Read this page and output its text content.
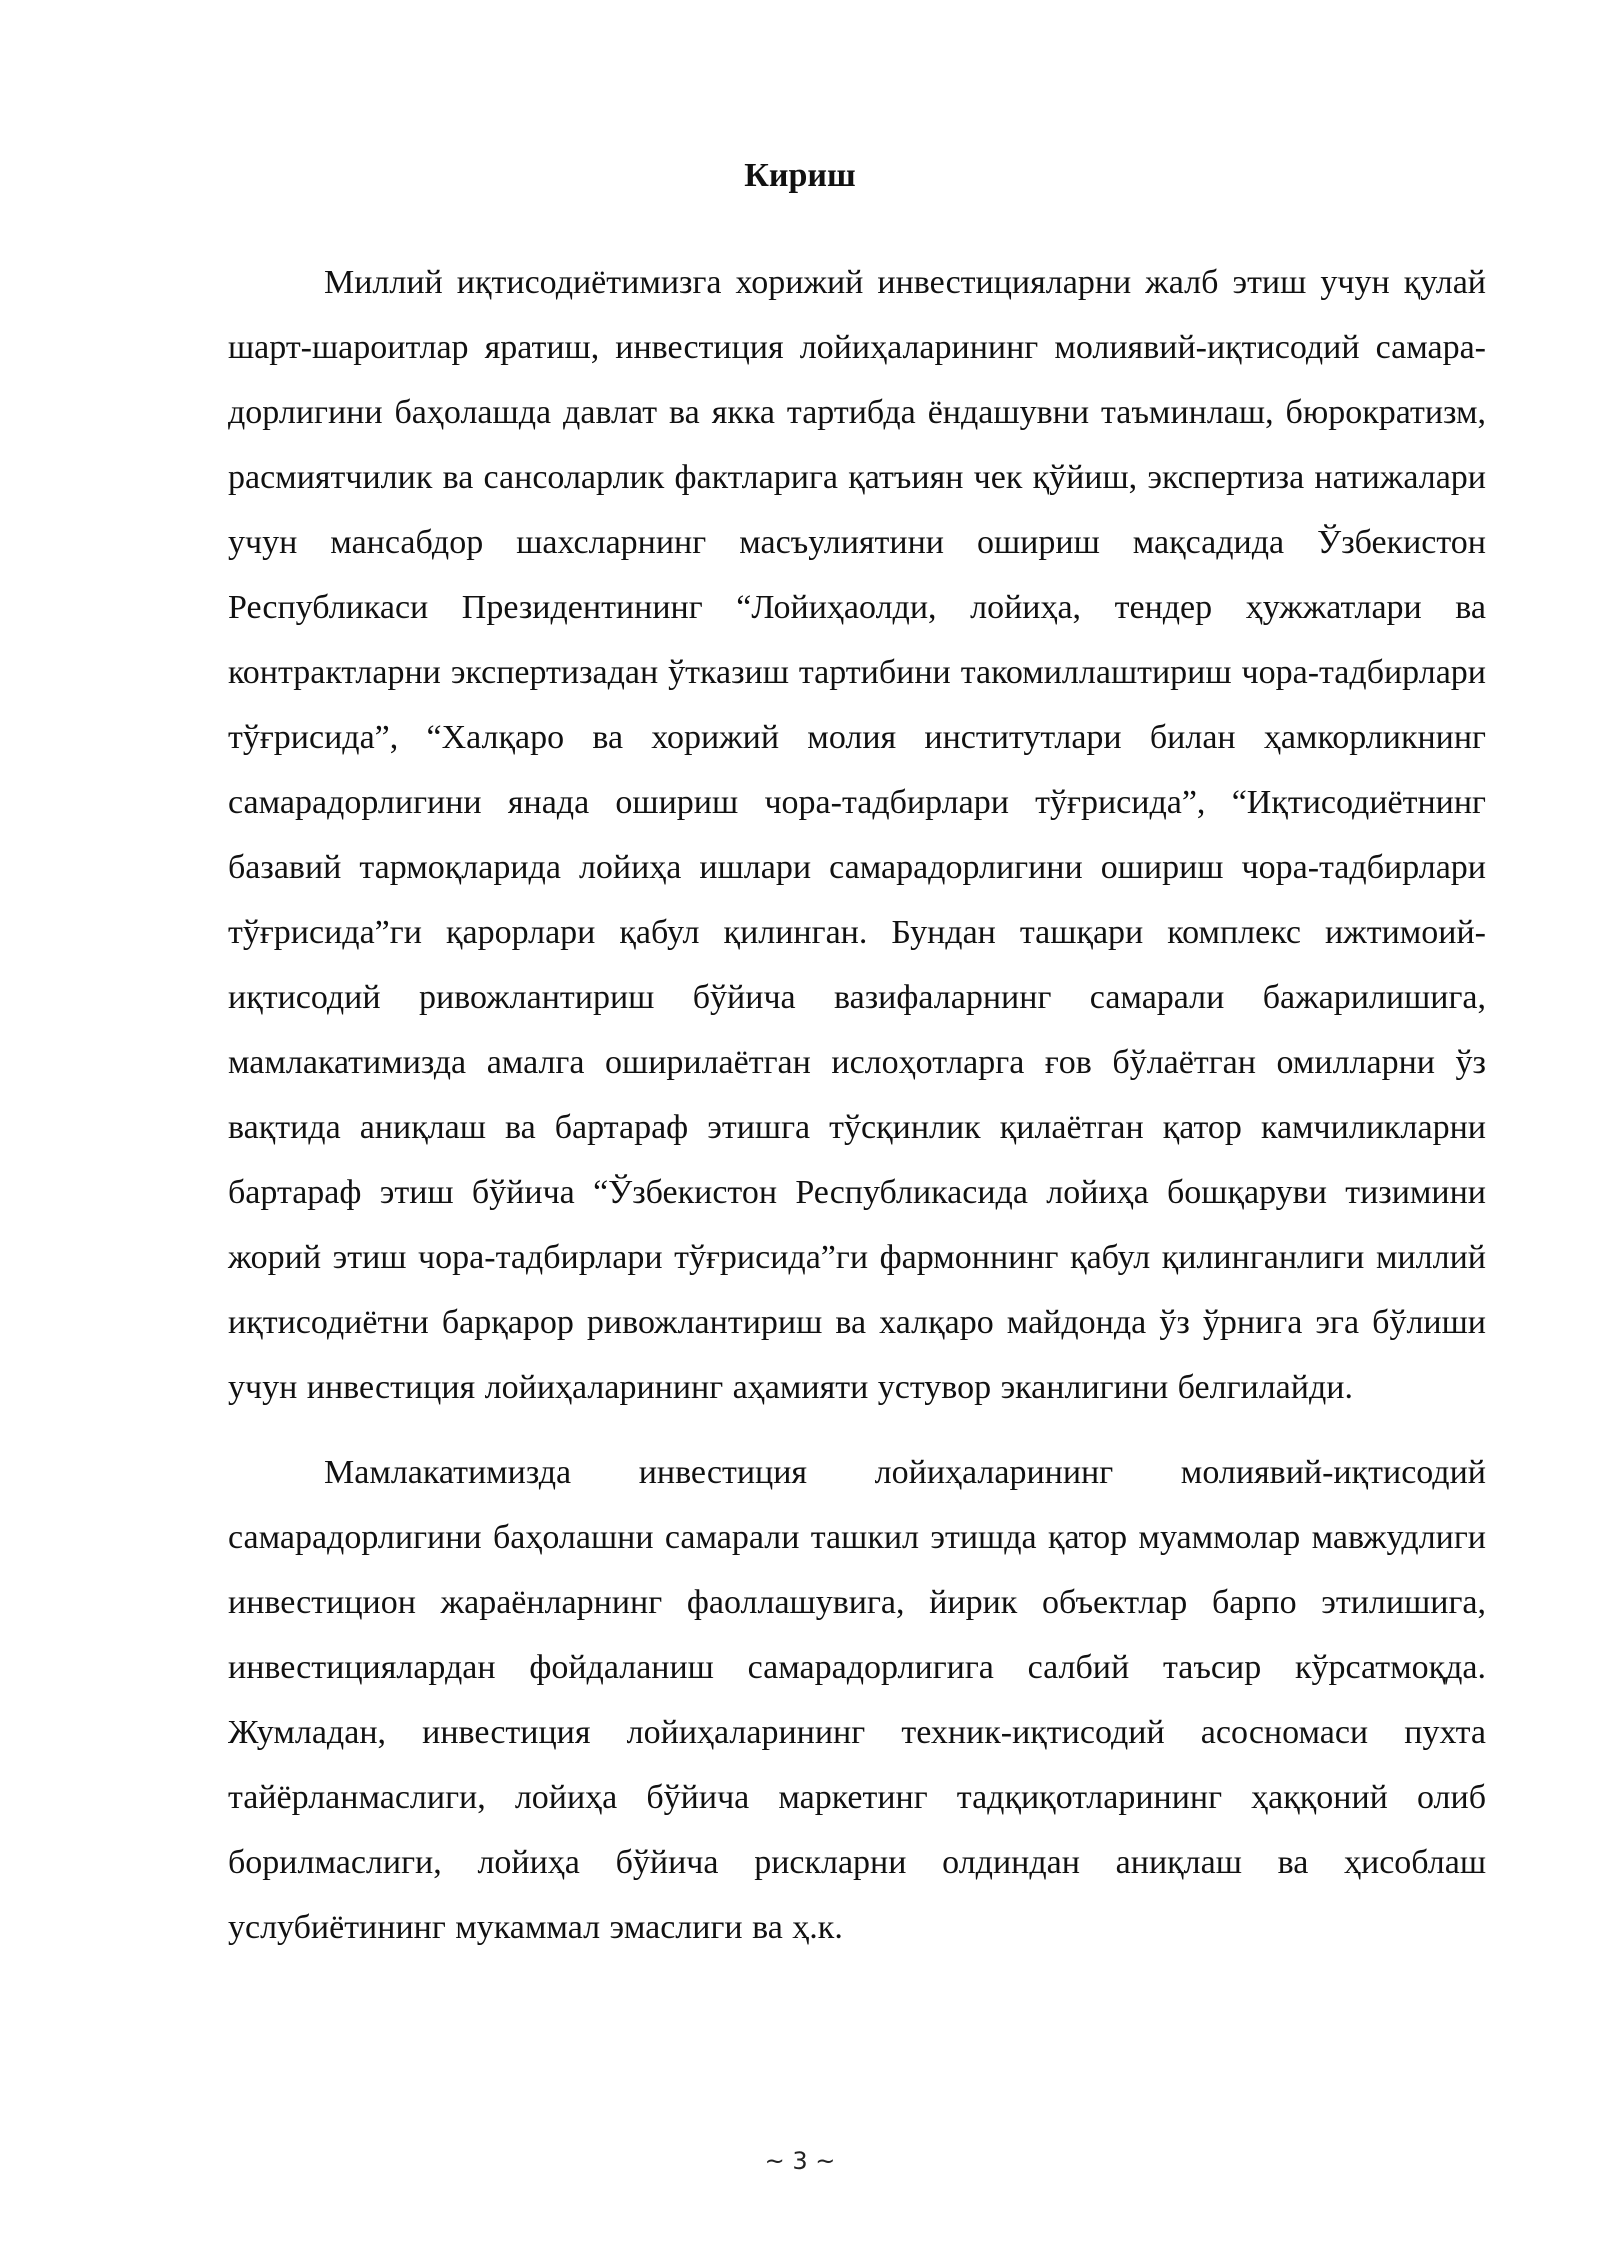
Кириш

Миллий иқтисодиётимизга хорижий инвестицияларни жалб этиш учун қулай шарт-шароитлар яратиш, инвестиция лойиҳаларининг молиявий-иқтисодий самара-дорлигини баҳолашда давлат ва якка тартибда ёндашувни таъминлаш, бюрократизм, расмиятчилик ва сансоларлик фактларига қатъиян чек қўйиш, экспертиза натижалари учун мансабдор шахсларнинг масъулиятини ошириш мақсадида Ўзбекистон Республикаси Президентининг “Лойиҳаолди, лойиҳа, тендер ҳужжатлари ва контрактларни экспертизадан ўтказиш тартибини такомиллаштириш чора-тадбирлари тўғрисида”, “Халқаро ва хорижий молия институтлари билан ҳамкорликнинг самарадорлигини янада ошириш чора-тадбирлари тўғрисида”, “Иқтисодиётнинг базавий тармоқларида лойиҳа ишлари самарадорлигини ошириш чора-тадбирлари тўғрисида”ги қарорлари қабул қилинган. Бундан ташқари комплекс ижтимоий-иқтисодий ривожлантириш бўйича вазифаларнинг самарали бажарилишига, мамлакатимизда амалга оширилаётган ислоҳотларга ғов бўлаётган омилларни ўз вақтида аниқлаш ва бартараф этишга тўсқинлик қилаётган қатор камчиликларни бартараф этиш бўйича “Ўзбекистон Республикасида лойиҳа бошқаруви тизимини жорий этиш чора-тадбирлари тўғрисида”ги фармоннинг қабул қилинганлиги миллий иқтисодиётни барқарор ривожлантириш ва халқаро майдонда ўз ўрнига эга бўлиши учун инвестиция лойиҳаларининг аҳамияти устувор эканлигини белгилайди.

Мамлакатимизда инвестиция лойиҳаларининг молиявий-иқтисодий самарадорлигини баҳолашни самарали ташкил этишда қатор муаммолар мавжудлиги инвестицион жараёнларнинг фаоллашувига, йирик объектлар барпо этилишига, инвестициялардан фойдаланиш самарадорлигига салбий таъсир кўрсатмоқда. Жумладан, инвестиция лойиҳаларининг техник-иқтисодий асосномаси пухта тайёрланмаслиги, лойиҳа бўйича маркетинг тадқиқотларининг ҳаққоний олиб борилмаслиги, лойиҳа бўйича рискларни олдиндан аниқлаш ва ҳисоблаш услубиётининг мукаммал эмаслиги ва ҳ.к.

~ 3 ~
